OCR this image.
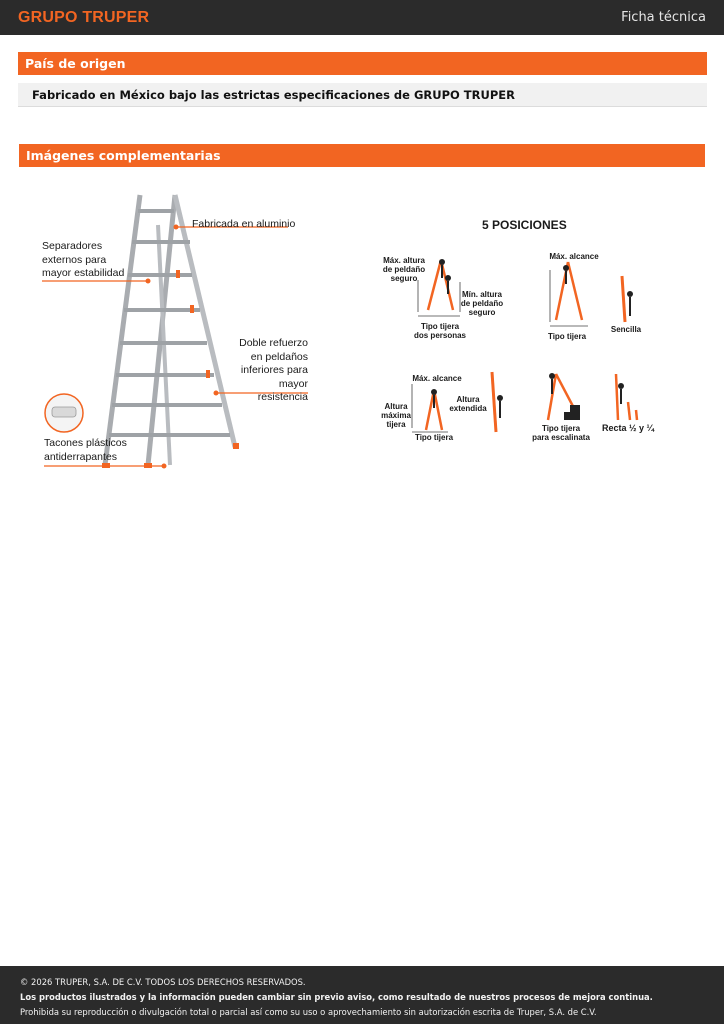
GRUPO TRUPER	Ficha técnica
País de origen
Fabricado en México bajo las estrictas especificaciones de GRUPO TRUPER
Imágenes complementarias
Fabricada en aluminio
Separadores
externos para
mayor estabilidad
Doble refuerzo
en peldaños
inferiores para
mayor resistencia
Tacones plásticos
antiderrapantes
5 POSICIONES
Máx. altura
de peldaño
seguro
Mín. altura
de peldaño
seguro
Tipo tijera
dos personas
Máx. alcance
Tipo tijera
Sencilla
Máx. alcance
Altura
máxima
tijera
Altura
extendida
Tipo tijera
Tipo tijera
para escalinata
Recta ½ y ¼
© 2026 TRUPER, S.A. DE C.V. TODOS LOS DERECHOS RESERVADOS.
Los productos ilustrados y la información pueden cambiar sin previo aviso, como resultado de nuestros procesos de mejora continua.
Prohibida su reproducción o divulgación total o parcial así como su uso o aprovechamiento sin autorización escrita de Truper, S.A. de C.V.
